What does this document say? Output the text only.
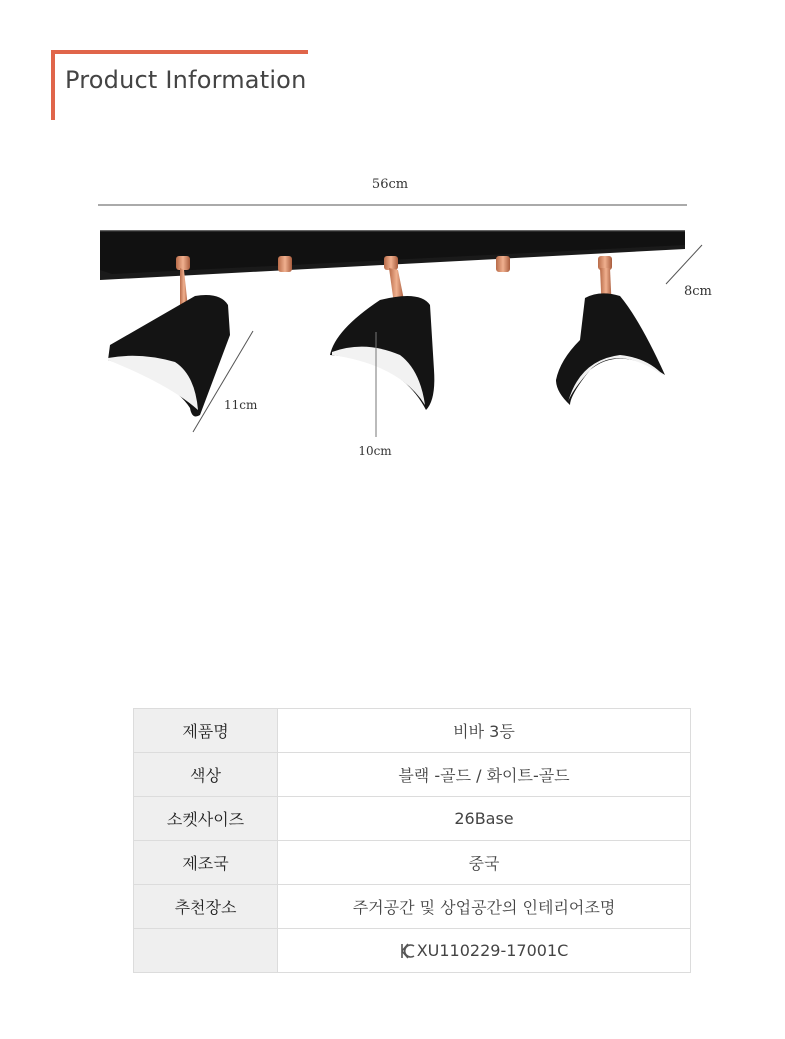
Product Information
56cm
8cm
11cm
10cm
제품명	비바 3등
색상	블랙 -골드 / 화이트-골드
소켓사이즈	26Base
제조국	중국
추천장소	주거공간 및 상업공간의 인테리어조명
	XU110229-17001C
